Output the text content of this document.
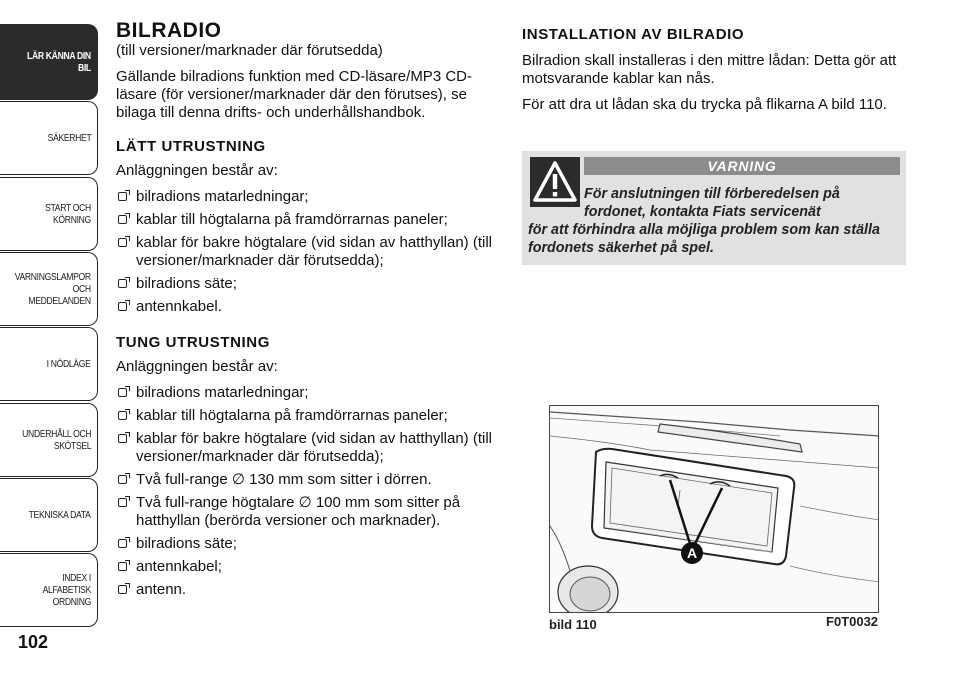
LÄR KÄNNA DIN
BIL
SÄKERHET
START OCH
KÖRNING
VARNINGSLAMPOR
OCH
MEDDELANDEN
I NÖDLÄGE
UNDERHÅLL OCH
SKÖTSEL
TEKNISKA DATA
INDEX I ALFABETISK
ORDNING
102
BILRADIO

(till versioner/marknader där förutsedda)

Gällande bilradions funktion med CD-läsare/MP3 CD-läsare (för versioner/marknader där den förutses), se bilaga till denna drifts- och underhållshandbok.

LÄTT UTRUSTNING

Anläggningen består av:

bilradions matarledningar;
kablar till högtalarna på framdörrarnas paneler;
kablar för bakre högtalare (vid sidan av hatthyllan) (till versioner/marknader där förutsedda);
bilradions säte;
antennkabel.
TUNG UTRUSTNING

Anläggningen består av:

bilradions matarledningar;
kablar till högtalarna på framdörrarnas paneler;
kablar för bakre högtalare (vid sidan av hatthyllan) (till versioner/marknader där förutsedda);
Två full-range ∅ 130 mm som sitter i dörren.
Två full-range högtalare ∅ 100 mm som sitter på hatthyllan (berörda versioner och marknader).
bilradions säte;
antennkabel;
antenn.
INSTALLATION AV BILRADIO

Bilradion skall installeras i den mittre lådan: Detta gör att motsvarande kablar kan nås.

För att dra ut lådan ska du trycka på flikarna A bild 110.

VARNING
För anslutningen till förberedelsen på
fordonet, kontakta Fiats servicenät
för att förhindra alla möjliga problem som kan ställa fordonets säkerhet på spel.
A
bild 110	F0T0032
